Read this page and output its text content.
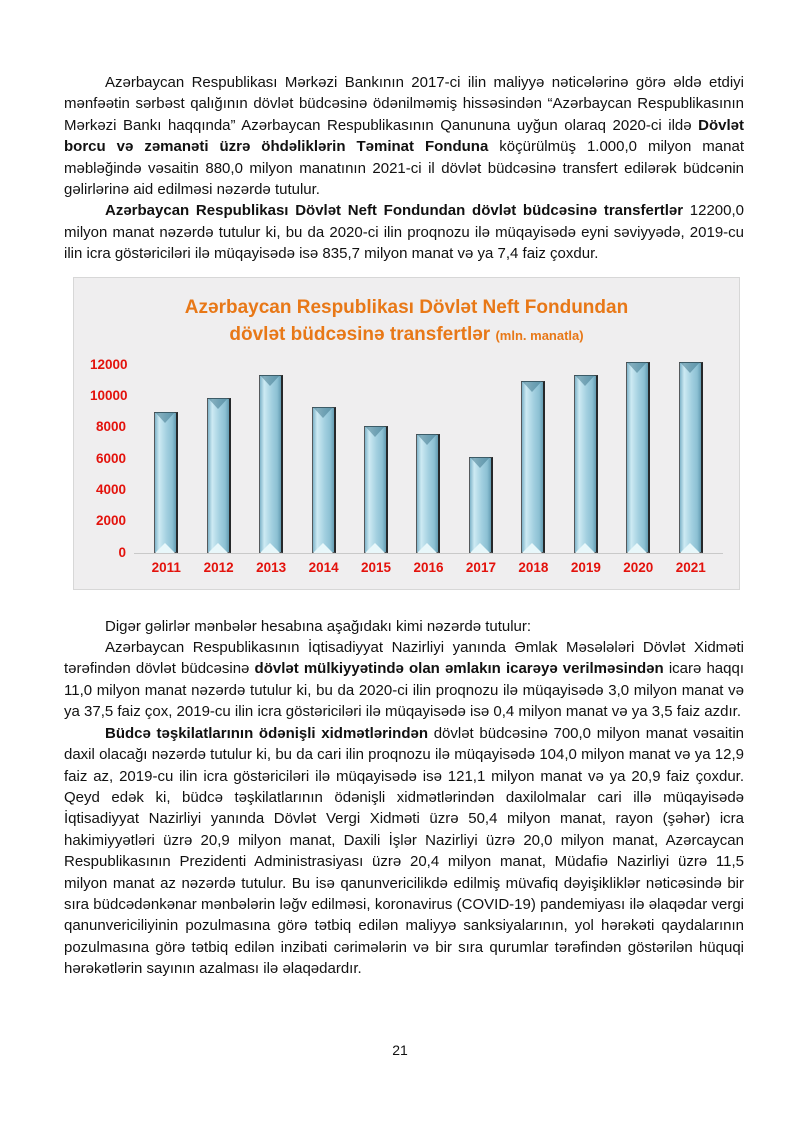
Azərbaycan Respublikası Mərkəzi Bankının 2017-ci ilin maliyyə nəticələrinə görə əldə etdiyi mənfəətin sərbəst qalığının dövlət büdcəsinə ödənilməmiş hissəsindən “Azərbaycan Respublikasının Mərkəzi Bankı haqqında” Azərbaycan Respublikasının Qanununa uyğun olaraq 2020-ci ildə Dövlət borcu və zəmanəti üzrə öhdəliklərin Təminat Fonduna köçürülmüş 1.000,0 milyon manat məbləğində vəsaitin 880,0 milyon manatının 2021-ci il dövlət büdcəsinə transfert edilərək büdcənin gəlirlərinə aid edilməsi nəzərdə tutulur.

Azərbaycan Respublikası Dövlət Neft Fondundan dövlət büdcəsinə transfertlər 12200,0 milyon manat nəzərdə tutulur ki, bu da 2020-ci ilin proqnozu ilə müqayisədə eyni səviyyədə, 2019-cu ilin icra göstəriciləri ilə müqayisədə isə 835,7 milyon manat və ya 7,4 faiz çoxdur.

Azərbaycan Respublikası Dövlət Neft Fondundan
dövlət büdcəsinə transfertlər (mln. manatla)
0
2000
4000
6000
8000
10000
12000
2011	2012	2013	2014	2015	2016	2017	2018	2019	2020	2021

Digər gəlirlər mənbələr hesabına aşağıdakı kimi nəzərdə tutulur:

Azərbaycan Respublikasının İqtisadiyyat Nazirliyi yanında Əmlak Məsələləri Dövlət Xidməti tərəfindən dövlət büdcəsinə dövlət mülkiyyətində olan əmlakın icarəyə verilməsindən icarə haqqı 11,0 milyon manat nəzərdə tutulur ki, bu da 2020-ci ilin proqnozu ilə müqayisədə 3,0 milyon manat və ya 37,5 faiz çox, 2019-cu ilin icra göstəriciləri ilə müqayisədə isə 0,4 milyon manat və ya 3,5 faiz azdır.

Büdcə təşkilatlarının ödənişli xidmətlərindən dövlət büdcəsinə 700,0 milyon manat vəsaitin daxil olacağı nəzərdə tutulur ki, bu da cari ilin proqnozu ilə müqayisədə 104,0 milyon manat və ya 12,9 faiz az, 2019-cu ilin icra göstəriciləri ilə müqayisədə isə 121,1 milyon manat və ya 20,9 faiz çoxdur. Qeyd edək ki, büdcə təşkilatlarının ödənişli xidmətlərindən daxilolmalar cari illə müqayisədə İqtisadiyyat Nazirliyi yanında Dövlət Vergi Xidməti üzrə 50,4 milyon manat, rayon (şəhər) icra hakimiyyətləri üzrə 20,9 milyon manat, Daxili İşlər Nazirliyi üzrə 20,0 milyon manat, Azərcaycan Respublikasının Prezidenti Administrasiyası üzrə 20,4 milyon manat, Müdafiə Nazirliyi üzrə 11,5 milyon manat az nəzərdə tutulur. Bu isə qanunvericilikdə edilmiş müvafiq dəyişikliklər nəticəsində bir sıra büdcədənkənar mənbələrin ləğv edilməsi, koronavirus (COVID-19) pandemiyası ilə əlaqədar vergi qanunvericiliyinin pozulmasına görə tətbiq edilən maliyyə sanksiyalarının, yol hərəkəti qaydalarının pozulmasına görə tətbiq edilən inzibati cərimələrin və bir sıra qurumlar tərəfindən göstərilən hüquqi hərəkətlərin sayının azalması ilə əlaqədardır.

21
